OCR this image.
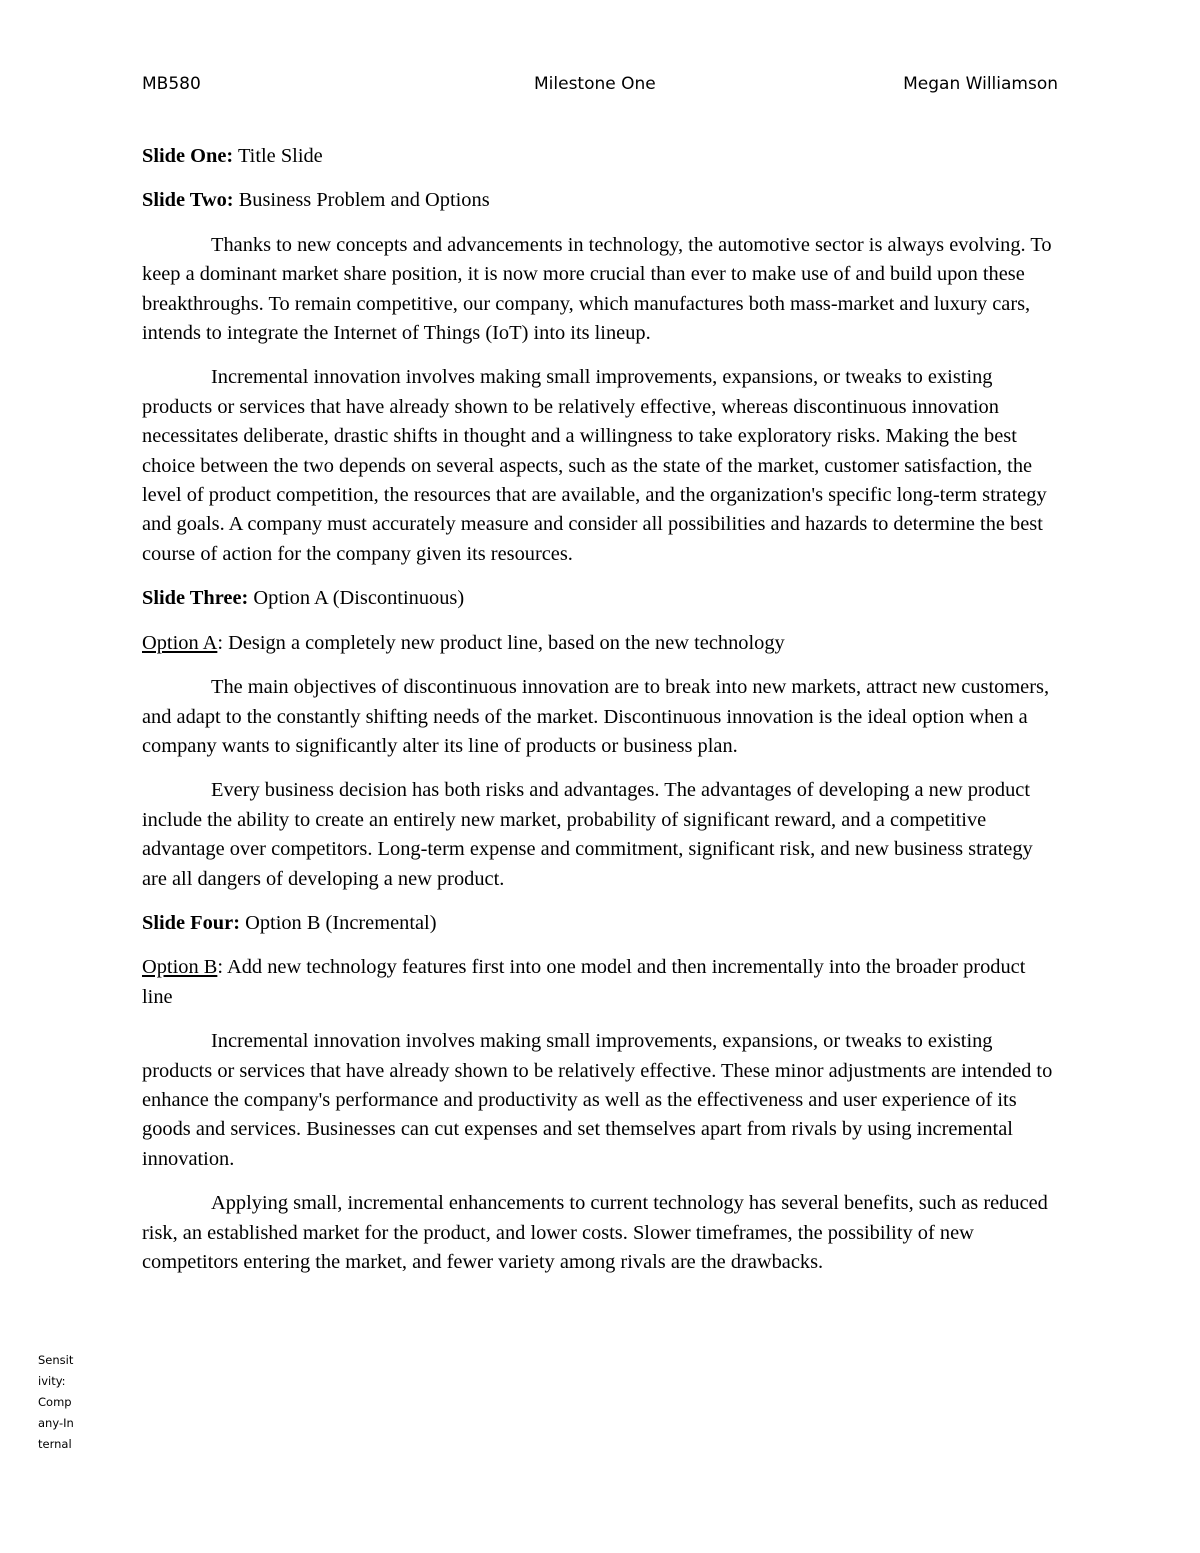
MB580	Milestone One	Megan Williamson

Slide One: Title Slide

Slide Two: Business Problem and Options

Thanks to new concepts and advancements in technology, the automotive sector is always evolving. To keep a dominant market share position, it is now more crucial than ever to make use of and build upon these breakthroughs. To remain competitive, our company, which manufactures both mass-market and luxury cars, intends to integrate the Internet of Things (IoT) into its lineup.

Incremental innovation involves making small improvements, expansions, or tweaks to existing products or services that have already shown to be relatively effective, whereas discontinuous innovation necessitates deliberate, drastic shifts in thought and a willingness to take exploratory risks. Making the best choice between the two depends on several aspects, such as the state of the market, customer satisfaction, the level of product competition, the resources that are available, and the organization's specific long-term strategy and goals. A company must accurately measure and consider all possibilities and hazards to determine the best course of action for the company given its resources.

Slide Three: Option A (Discontinuous)

Option A: Design a completely new product line, based on the new technology

The main objectives of discontinuous innovation are to break into new markets, attract new customers, and adapt to the constantly shifting needs of the market. Discontinuous innovation is the ideal option when a company wants to significantly alter its line of products or business plan.

Every business decision has both risks and advantages. The advantages of developing a new product include the ability to create an entirely new market, probability of significant reward, and a competitive advantage over competitors. Long-term expense and commitment, significant risk, and new business strategy are all dangers of developing a new product.

Slide Four: Option B (Incremental)

Option B: Add new technology features first into one model and then incrementally into the broader product line

Incremental innovation involves making small improvements, expansions, or tweaks to existing products or services that have already shown to be relatively effective. These minor adjustments are intended to enhance the company's performance and productivity as well as the effectiveness and user experience of its goods and services. Businesses can cut expenses and set themselves apart from rivals by using incremental innovation.

Applying small, incremental enhancements to current technology has several benefits, such as reduced risk, an established market for the product, and lower costs. Slower timeframes, the possibility of new competitors entering the market, and fewer variety among rivals are the drawbacks.

Sensitivity: Company-Internal
